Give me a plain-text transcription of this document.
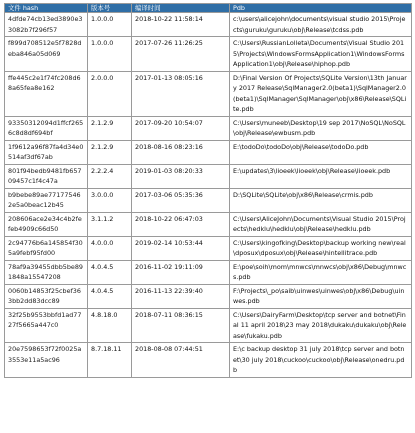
文件 hash	版本号	编译时间	Pdb
4dfde74cb13ed3890e33082b7f296f57	1.0.0.0	2018-10-22 11:58:14	c:\users\alicejohn\documents\visual studio 2015\Projects\guruku\guruku\obj\Release\tcdss.pdb
f899d708512e5f7828deba846a05d069	1.0.0.0	2017-07-26 11:26:25	C:\Users\RussianLolleta\Documents\Visual Studio 2015\Projects\WindowsFormsApplication1\WindowsFormsApplication1\obj\Release\hiphop.pdb
ffe445c2e1f74fc208d68a65fea8e162	2.0.0.0	2017-01-13 08:05:16	D:\Final Version Of Projects\SQLite Version\13th January 2017 Release\SqlManager2.0(beta1)\SqlManager2.0(beta1)\SqlManager\SqlManager\obj\x86\Release\SQLite.pdb
93350312094d1ffcf2656c8d8df694bf	2.1.2.9	2017-09-20 10:54:07	C:\Users\muneeb\Desktop\19 sep 2017\NoSQL\NoSQL\obj\Release\ewbusm.pdb
1f9612a96f87fa4d34e0514af3df67ab	2.1.2.9	2018-08-16 08:23:16	E:\todoDo\todoDo\obj\Release\todoDo.pdb
801f94bedb9481fb65709457c1f4c47a	2.2.2.4	2019-01-03 08:20:33	E:\updates\3\lioeek\lioeek\obj\Release\lioeek.pdb
b9bebe89ae771775462e5a0beac12b45	3.0.0.0	2017-03-06 05:35:36	D:\SQLite\SQLite\obj\x86\Release\crmis.pdb
208606ace2e34c4b2fefeb4909c66d50	3.1.1.2	2018-10-22 06:47:03	C:\Users\AliceJohn\Documents\Visual Studio 2015\Projects\hedklu\hedklu\obj\Release\hedklu.pdb
2c94776b6a145854f305a9febf95fd00	4.0.0.0	2019-02-14 10:53:44	C:\Users\kingofking\Desktop\backup working new\real\dposux\dposux\obj\Release\hintellitrace.pdb
78af9a39455dbb5be891848a15547208	4.0.4.5	2016-11-02 19:11:09	E:\poe\soih\mom\mnwcs\mnwcs\obj\x86\Debug\mnwcs.pdb
0060b14853f25cbef363bb2dd83dcc89	4.0.4.5	2016-11-13 22:39:40	F:\Projects\_po\saib\uinwes\uinwes\obj\x86\Debug\uinwes.pdb
32f25b9553bbfd1ad7727f5665a447c0	4.8.18.0	2018-07-11 08:36:15	C:\Users\DairyFarm\Desktop\tcp server and botnet\Final 11 april 2018\23 may 2018\dukaku\dukaku\obj\Release\fukaku.pdb
20e7598653f72f0025a3553e11a5ac96	8.7.18.11	2018-08-08 07:44:51	E:\c backup desktop 31 july 2018\tcp server and botnet\30 july 2018\cuckoo\cuckoo\obj\Release\onedru.pdb
